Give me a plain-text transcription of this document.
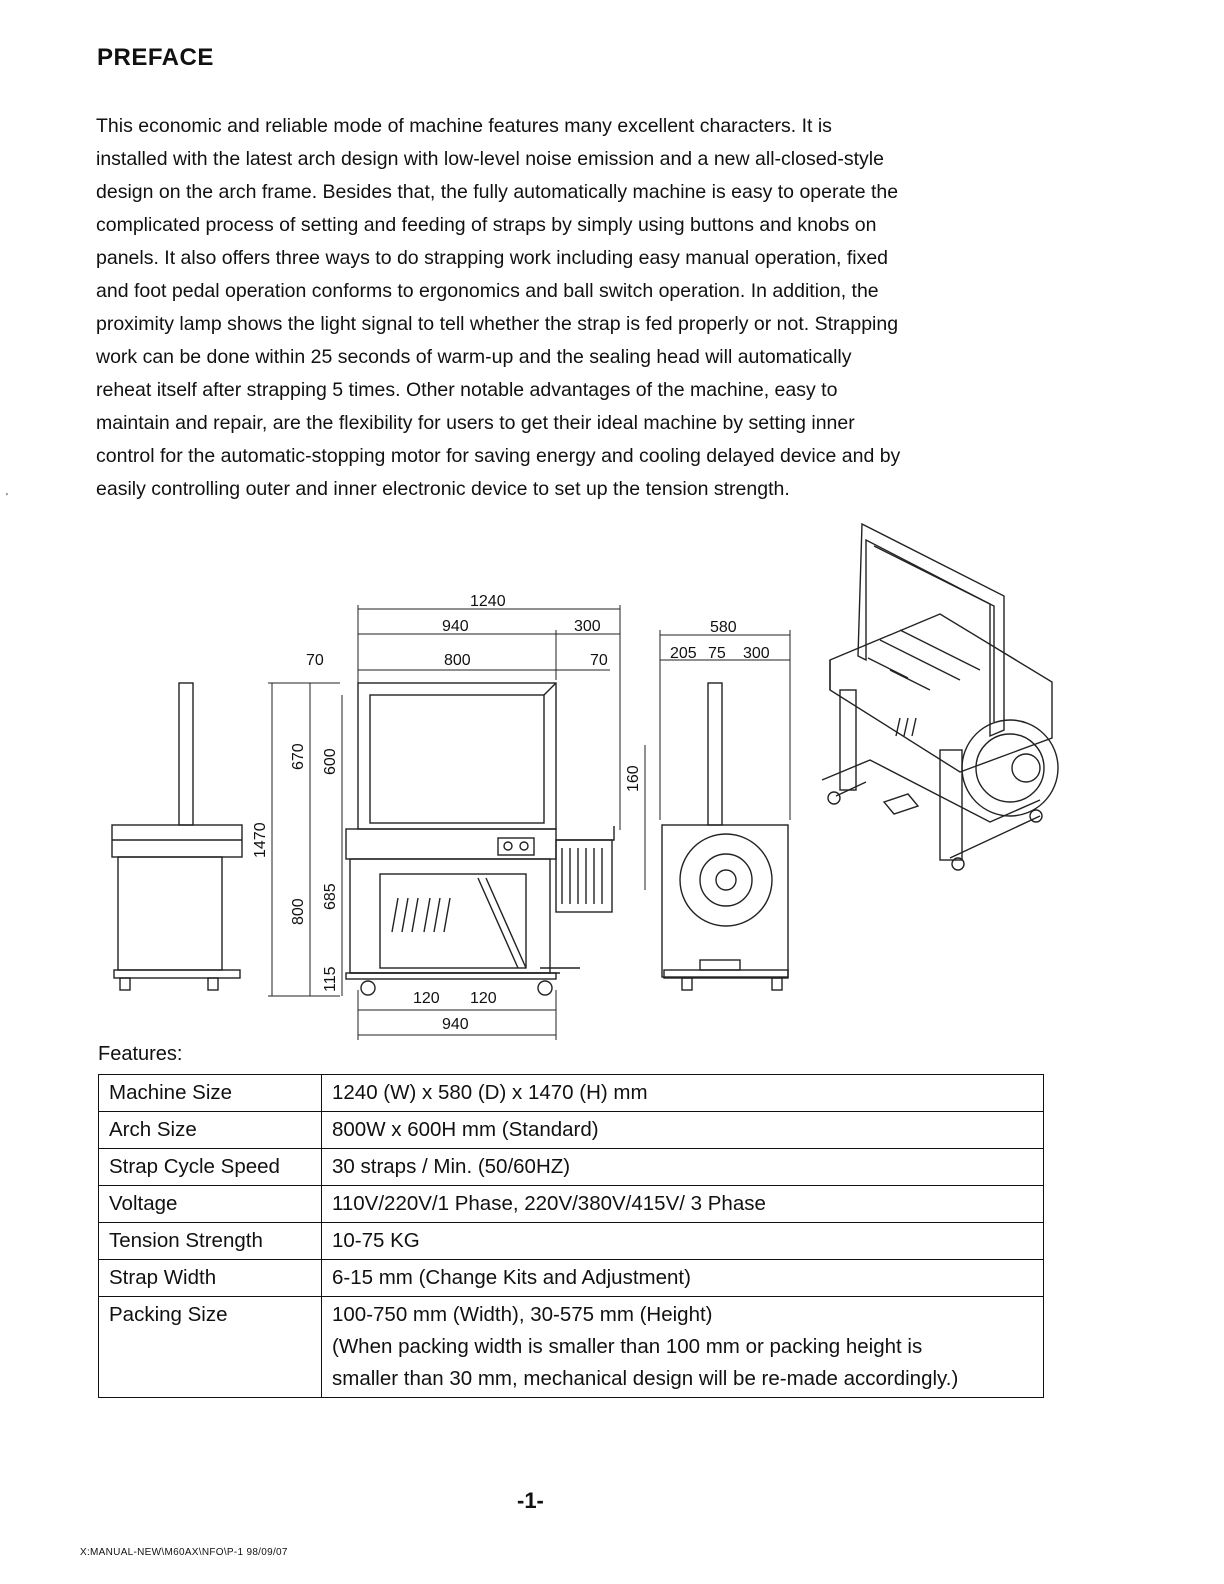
PREFACE
This economic and reliable mode of machine features many excellent characters. It is
installed with the latest arch design with low-level noise emission and a new all-closed-style
design on the arch frame. Besides that, the fully automatically machine is easy to operate the
complicated process of setting and feeding of straps by simply using buttons and knobs on
panels. It also offers three ways to do strapping work including easy manual operation, fixed
and foot pedal operation conforms to ergonomics and ball switch operation. In addition, the
proximity lamp shows the light signal to tell whether the strap is fed properly or not. Strapping
work can be done within 25 seconds of warm-up and the sealing head will automatically
reheat itself after strapping 5 times. Other notable advantages of the machine, easy to
maintain and repair, are the flexibility for users to get their ideal machine by setting inner
control for the automatic-stopping motor for saving energy and cooling delayed device and by
easily controlling outer and inner electronic device to set up the tension strength.
'
1240
940	300
70	800	70
580
205 75 300
1470
670 600
800
685
115
160
120 120
940
Features:
Machine Size	1240 (W) x 580 (D) x 1470 (H) mm
Arch Size	800W x 600H mm (Standard)
Strap Cycle Speed	30 straps / Min. (50/60HZ)
Voltage	110V/220V/1 Phase, 220V/380V/415V/ 3 Phase
Tension Strength	10-75 KG
Strap Width	6-15 mm (Change Kits and Adjustment)
Packing Size	100-750 mm (Width), 30-575 mm (Height)
(When packing width is smaller than 100 mm or packing height is
smaller than 30 mm, mechanical design will be re-made accordingly.)
-1-
X:MANUAL-NEW\M60AX\NFO\P-1 98/09/07
